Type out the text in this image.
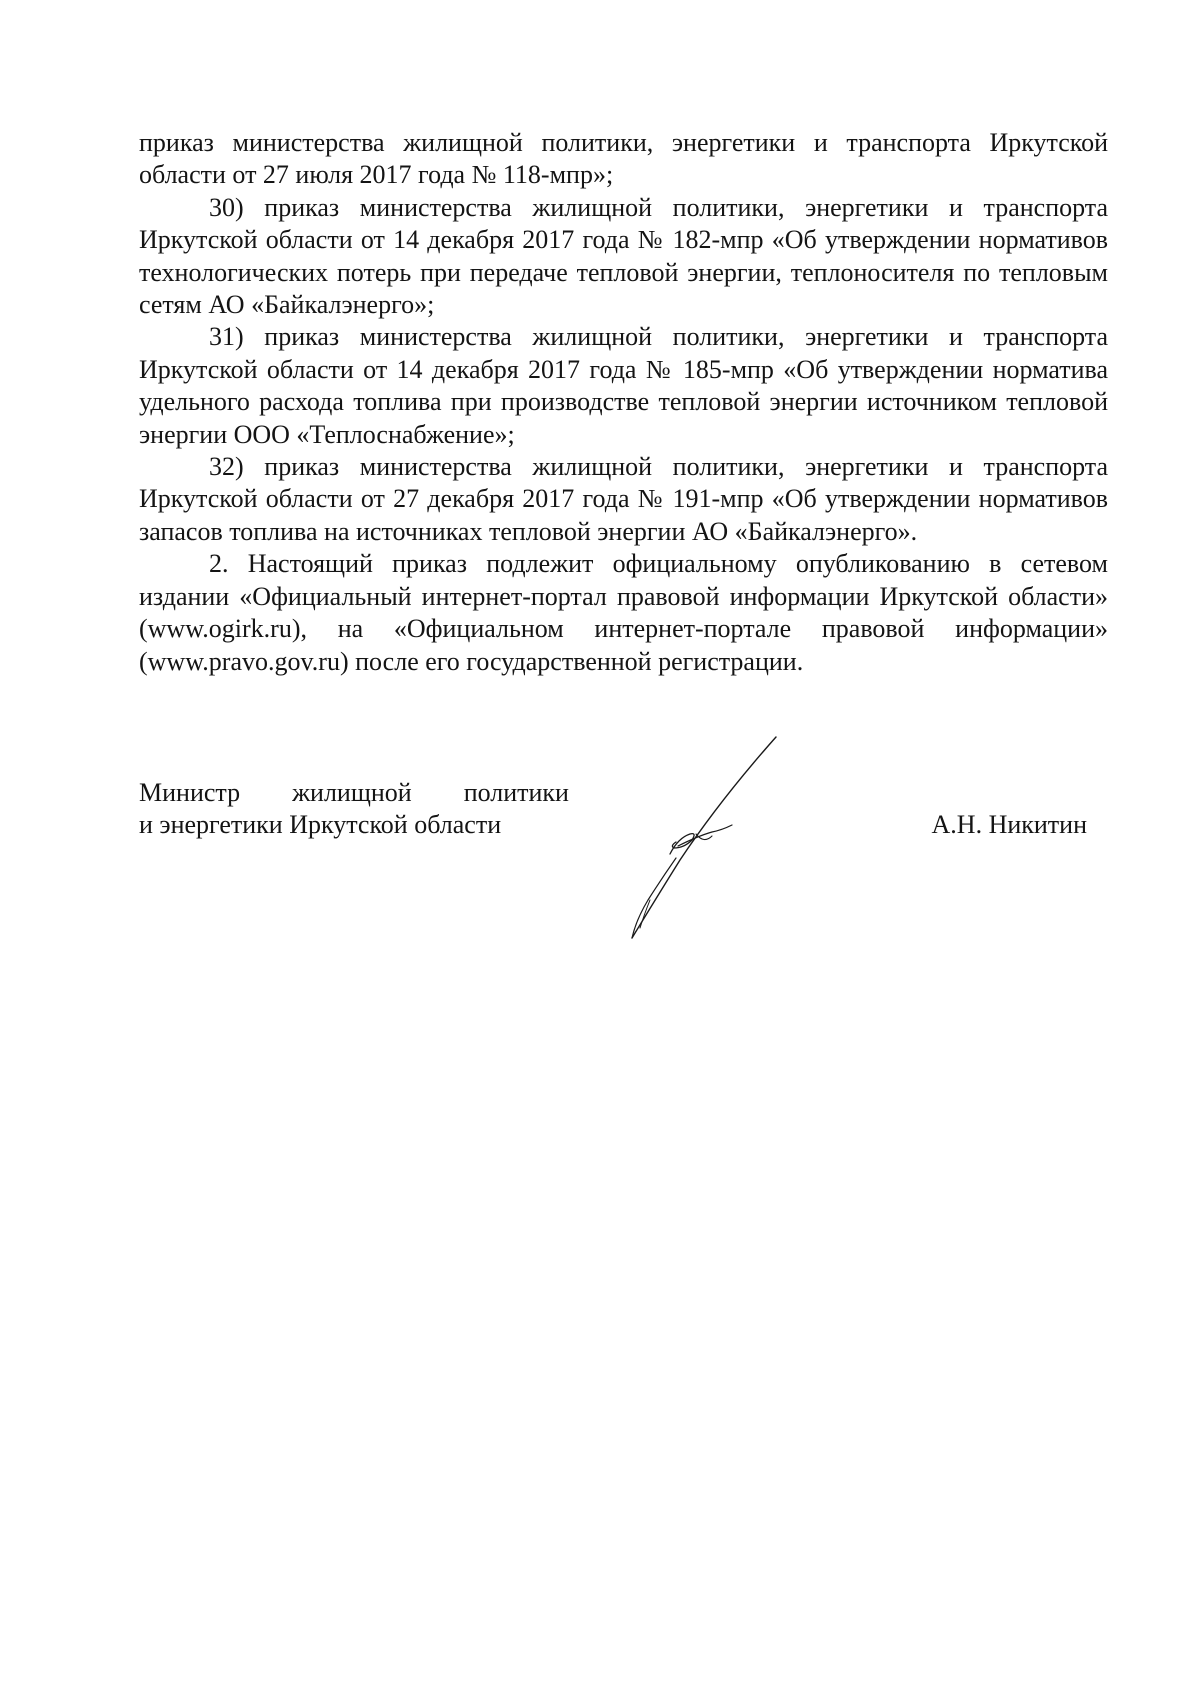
приказ министерства жилищной политики, энергетики и транспорта Иркутской области от 27 июля 2017 года № 118-мпр»;

30) приказ министерства жилищной политики, энергетики и транспорта Иркутской области от 14 декабря 2017 года № 182-мпр «Об утверждении нормативов технологических потерь при передаче тепловой энергии, теплоносителя по тепловым сетям АО «Байкалэнерго»;

31) приказ министерства жилищной политики, энергетики и транспорта Иркутской области от 14 декабря 2017 года № 185-мпр «Об утверждении норматива удельного расхода топлива при производстве тепловой энергии источником тепловой энергии ООО «Теплоснабжение»;

32) приказ министерства жилищной политики, энергетики и транспорта Иркутской области от 27 декабря 2017 года № 191-мпр «Об утверждении нормативов запасов топлива на источниках тепловой энергии АО «Байкалэнерго».

2. Настоящий приказ подлежит официальному опубликованию в сетевом издании «Официальный интернет-портал правовой информации Иркутской области» (www.ogirk.ru), на «Официальном интернет-портале правовой информации» (www.pravo.gov.ru) после его государственной регистрации.

Министр жилищной политики
и энергетики Иркутской области	А.Н. Никитин
